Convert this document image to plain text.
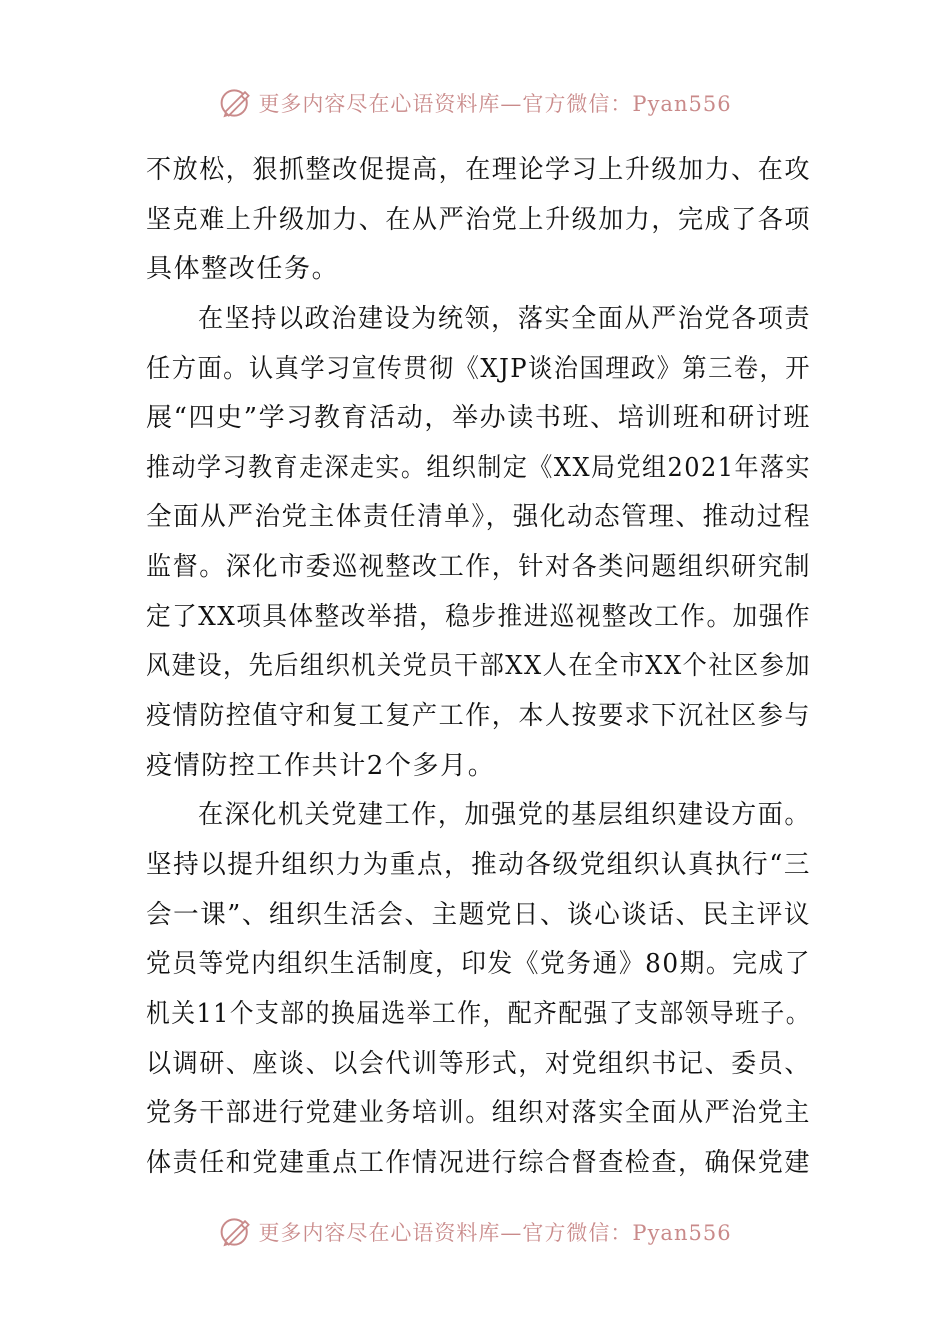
更多内容尽在心语资料库—官方微信：Pyan556
不放松，狠抓整改促提高，在理论学习上升级加力、在攻
坚克难上升级加力、在从严治党上升级加力，完成了各项
具体整改任务。
在坚持以政治建设为统领，落实全面从严治党各项责
任方面。认真学习宣传贯彻《XJP谈治国理政》第三卷，开
展“四史”学习教育活动，举办读书班、培训班和研讨班
推动学习教育走深走实。组织制定《XX局党组2021年落实
全面从严治党主体责任清单》，强化动态管理、推动过程
监督。深化市委巡视整改工作，针对各类问题组织研究制
定了XX项具体整改举措，稳步推进巡视整改工作。加强作
风建设，先后组织机关党员干部XX人在全市XX个社区参加
疫情防控值守和复工复产工作，本人按要求下沉社区参与
疫情防控工作共计2个多月。
在深化机关党建工作，加强党的基层组织建设方面。
坚持以提升组织力为重点，推动各级党组织认真执行“三
会一课”、组织生活会、主题党日、谈心谈话、民主评议
党员等党内组织生活制度，印发《党务通》80期。完成了
机关11个支部的换届选举工作，配齐配强了支部领导班子。
以调研、座谈、以会代训等形式，对党组织书记、委员、
党务干部进行党建业务培训。组织对落实全面从严治党主
体责任和党建重点工作情况进行综合督查检查，确保党建
更多内容尽在心语资料库—官方微信：Pyan556
